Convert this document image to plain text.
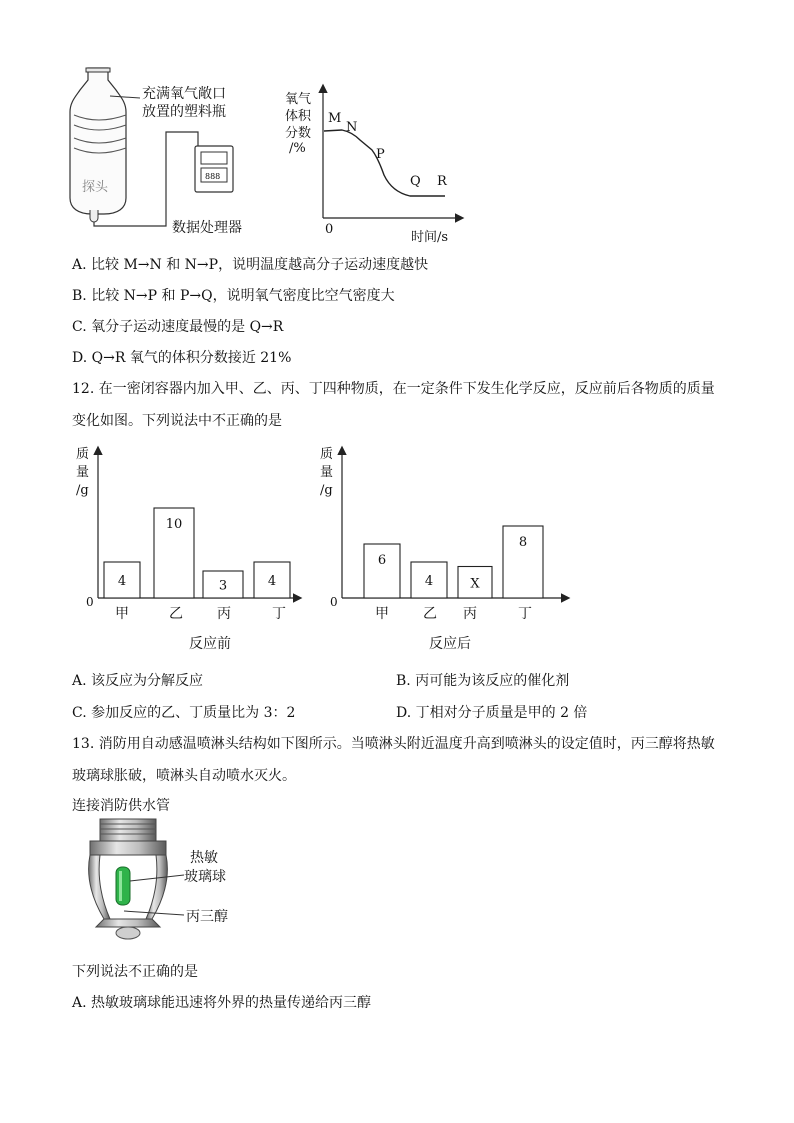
888
充满氧气敞口
放置的塑料瓶
探头
数据处理器
氧气
体积
分数
/%
M
N
P
Q R
0
时间/s
A. 比较 M→N 和 N→P，说明温度越高分子运动速度越快
B. 比较 N→P 和 P→Q，说明氧气密度比空气密度大
C. 氧分子运动速度最慢的是 Q→R
D. Q→R 氧气的体积分数接近 21%
12. 在一密闭容器内加入甲、乙、丙、丁四种物质，在一定条件下发生化学反应，反应前后各物质的质量
变化如图。下列说法中不正确的是
质
量
/g
0
4
甲
10
乙
3
丙
4
丁
反应前
质
量
/g
0
6
甲
4
乙
X
丙
8
丁
反应后
A. 该反应为分解反应	B. 丙可能为该反应的催化剂
C. 参加反应的乙、丁质量比为 3：2	D. 丁相对分子质量是甲的 2 倍
13. 消防用自动感温喷淋头结构如下图所示。当喷淋头附近温度升高到喷淋头的设定值时，丙三醇将热敏
玻璃球胀破，喷淋头自动喷水灭火。
连接消防供水管
热敏
玻璃球
丙三醇
下列说法不正确的是
A. 热敏玻璃球能迅速将外界的热量传递给丙三醇
